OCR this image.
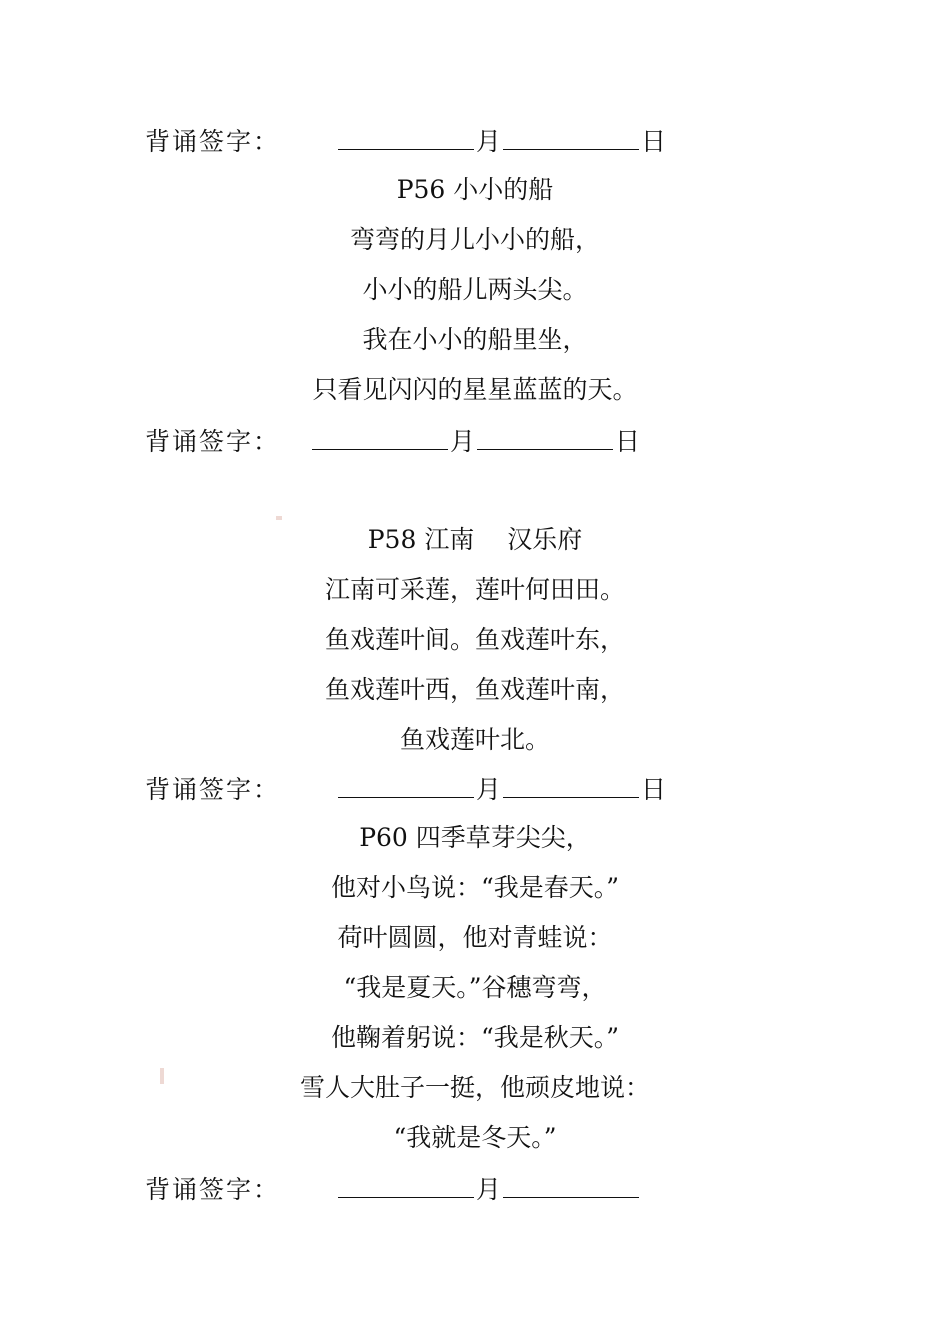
背诵签字：	月	日
P56 小小的船
弯弯的月儿小小的船，
小小的船儿两头尖。
我在小小的船里坐，
只看见闪闪的星星蓝蓝的天。
背诵签字：	月	日
P58 江南　 汉乐府
江南可采莲，莲叶何田田。
鱼戏莲叶间。鱼戏莲叶东，
鱼戏莲叶西，鱼戏莲叶南，
鱼戏莲叶北。
背诵签字：	月	日
P60 四季草芽尖尖，
他对小鸟说：“我是春天。”
荷叶圆圆，他对青蛙说：
“我是夏天。”谷穗弯弯，
他鞠着躬说：“我是秋天。”
雪人大肚子一挺，他顽皮地说：
“我就是冬天。”
背诵签字：	月
